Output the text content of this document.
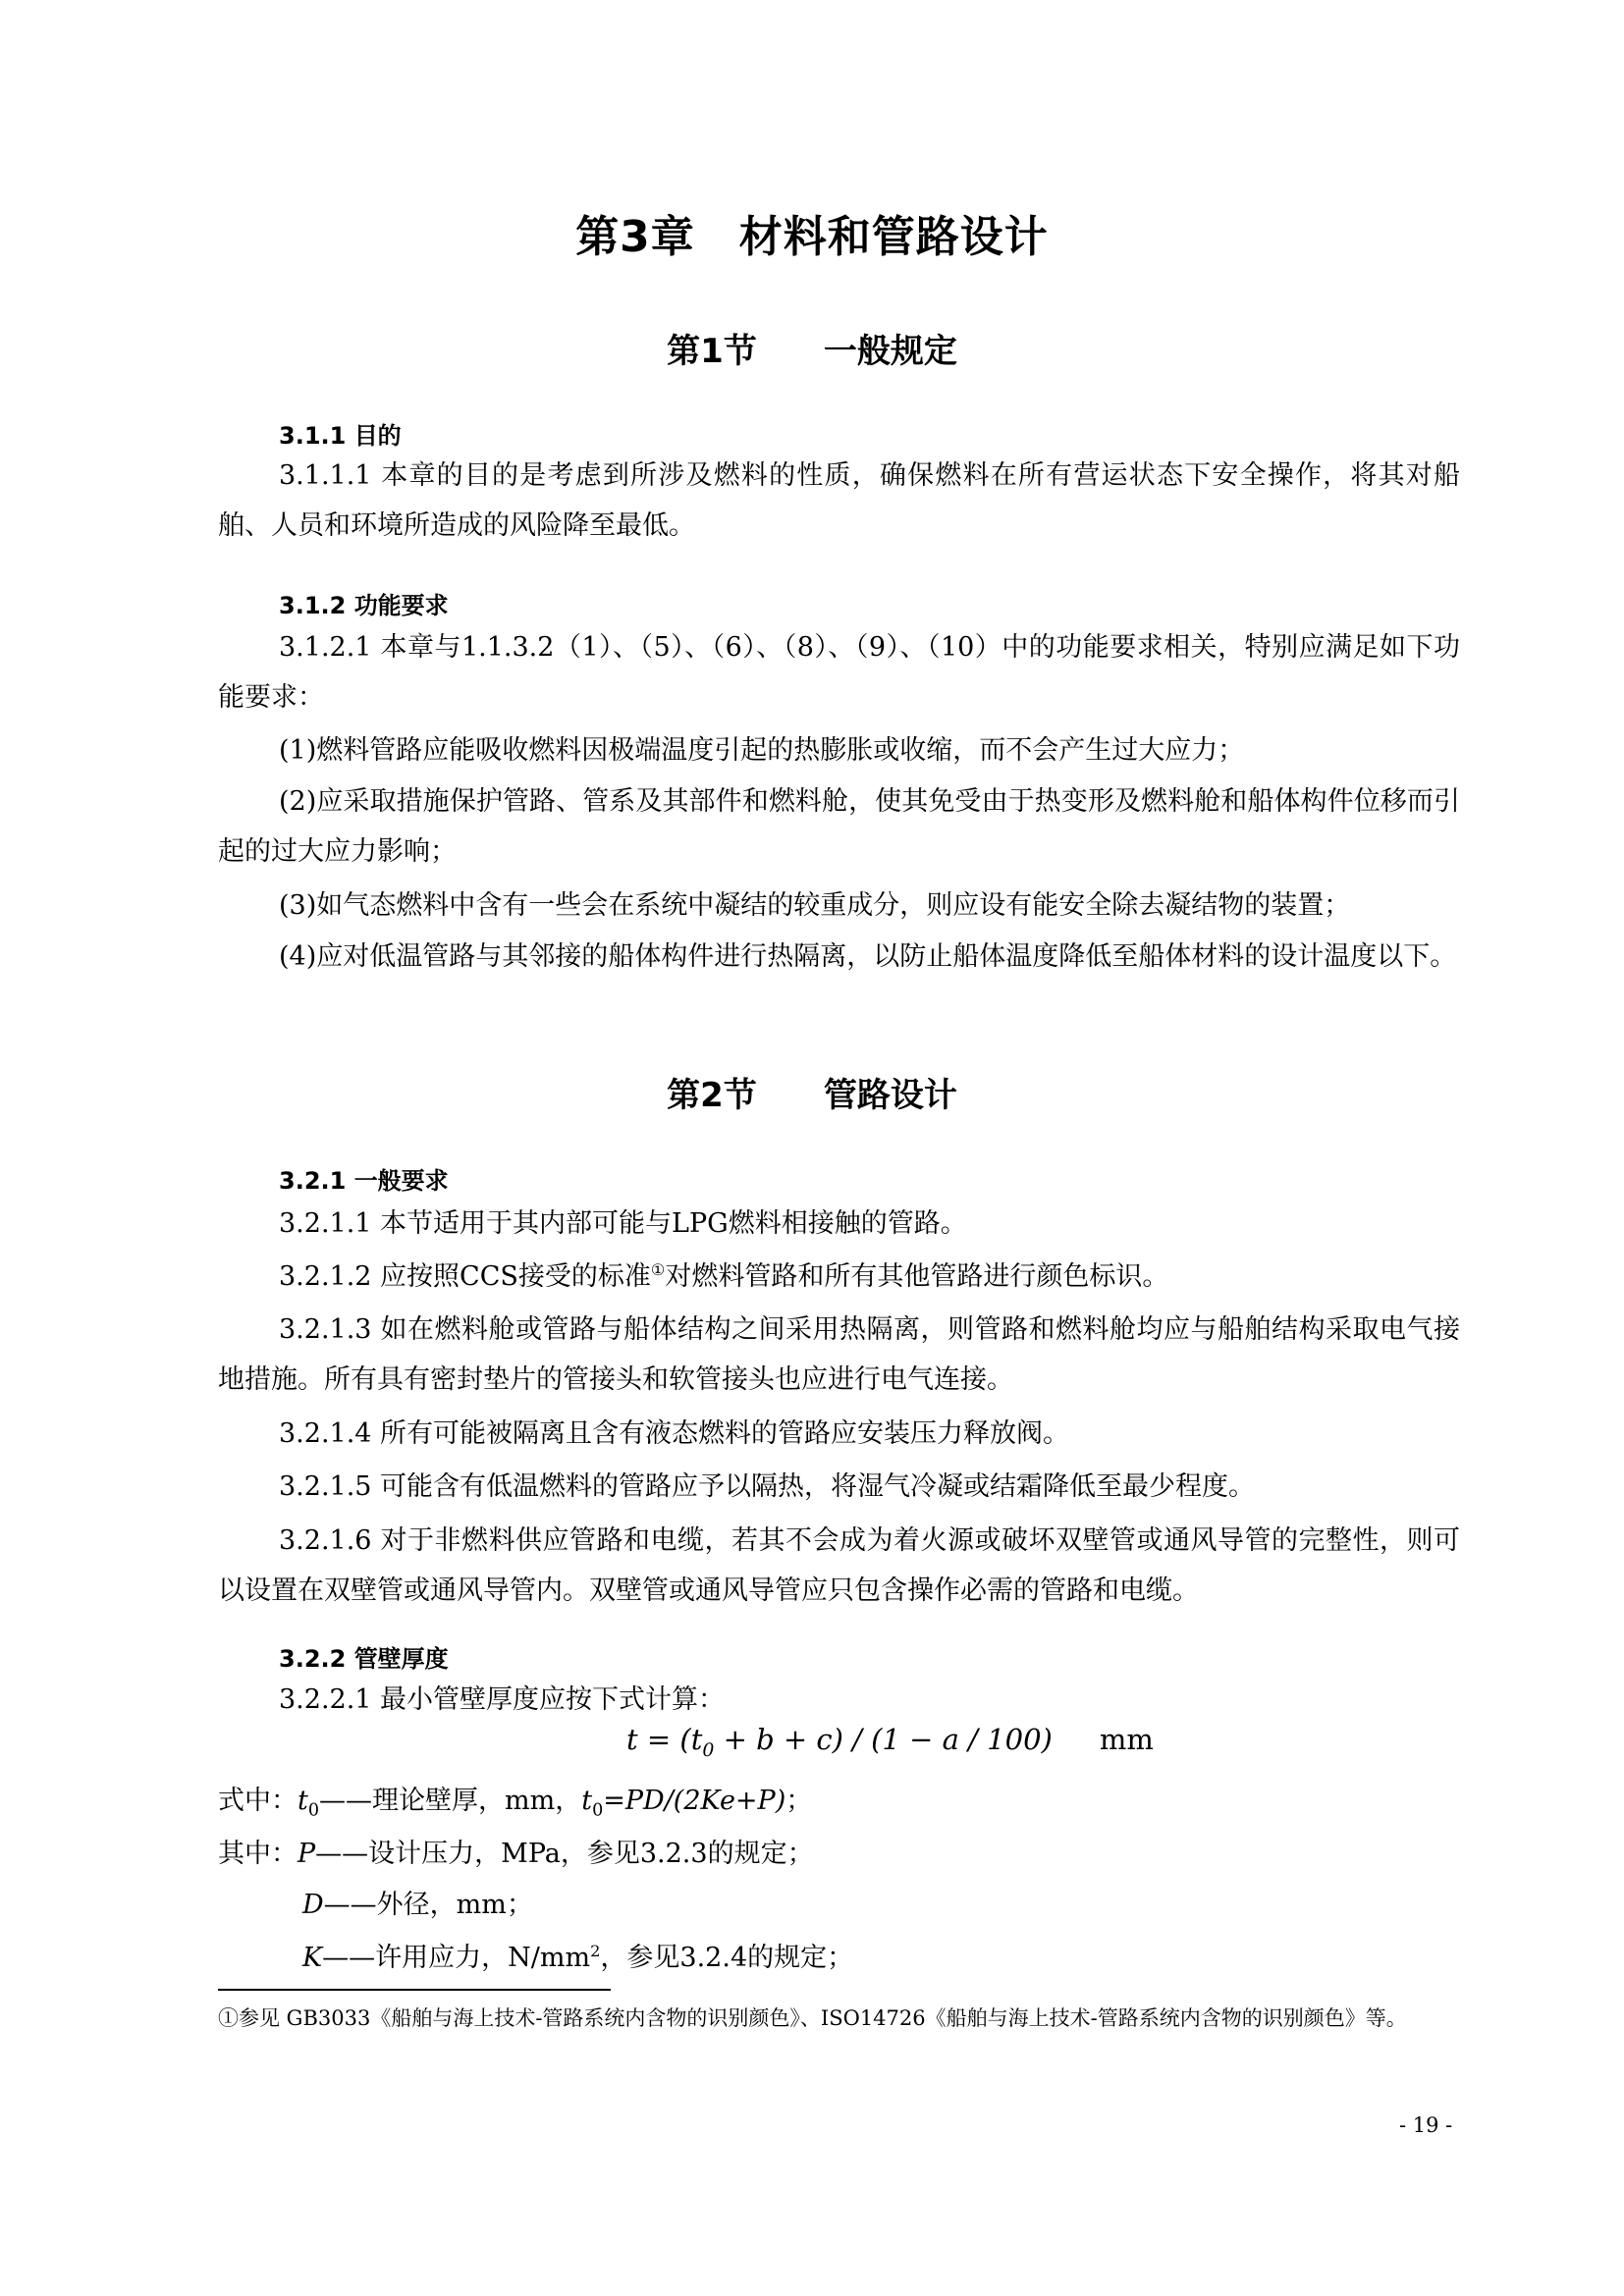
第3章　材料和管路设计
第1节　　一般规定
3.1.1 目的

3.1.1.1 本章的目的是考虑到所涉及燃料的性质，确保燃料在所有营运状态下安全操作，将其对船舶、人员和环境所造成的风险降至最低。

3.1.2 功能要求

3.1.2.1 本章与1.1.3.2（1）、（5）、（6）、（8）、（9）、（10）中的功能要求相关，特别应满足如下功能要求：

(1)燃料管路应能吸收燃料因极端温度引起的热膨胀或收缩，而不会产生过大应力；

(2)应采取措施保护管路、管系及其部件和燃料舱，使其免受由于热变形及燃料舱和船体构件位移而引起的过大应力影响；

(3)如气态燃料中含有一些会在系统中凝结的较重成分，则应设有能安全除去凝结物的装置；

(4)应对低温管路与其邻接的船体构件进行热隔离，以防止船体温度降低至船体材料的设计温度以下。

第2节　　管路设计
3.2.1 一般要求

3.2.1.1 本节适用于其内部可能与LPG燃料相接触的管路。

3.2.1.2 应按照CCS接受的标准①对燃料管路和所有其他管路进行颜色标识。

3.2.1.3 如在燃料舱或管路与船体结构之间采用热隔离，则管路和燃料舱均应与船舶结构采取电气接地措施。所有具有密封垫片的管接头和软管接头也应进行电气连接。

3.2.1.4 所有可能被隔离且含有液态燃料的管路应安装压力释放阀。

3.2.1.5 可能含有低温燃料的管路应予以隔热，将湿气冷凝或结霜降低至最少程度。

3.2.1.6 对于非燃料供应管路和电缆，若其不会成为着火源或破坏双壁管或通风导管的完整性，则可以设置在双壁管或通风导管内。双壁管或通风导管应只包含操作必需的管路和电缆。

3.2.2 管壁厚度

3.2.2.1 最小管壁厚度应按下式计算：

$t = (t_0 + b + c) / (1 - a / 100)$ mm
式中：$t_0——$理论壁厚，mm，$t_0=PD/(2Ke+P)$；
其中：P——设计压力，MPa，参见3.2.3的规定；
D——外径，mm；
K——许用应力，$N/mm^2$，参见3.2.4的规定；
①参见 GB3033《船舶与海上技术-管路系统内含物的识别颜色》、ISO14726《船舶与海上技术-管路系统内含物的识别颜色》等。
- 19 -
